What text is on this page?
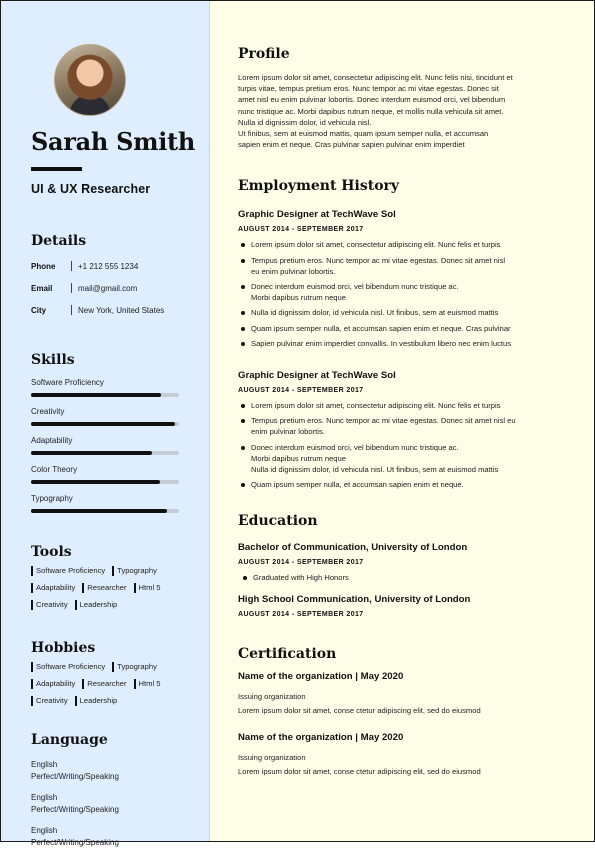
Sarah Smith
UI & UX Researcher
Details
Phone	+1 212 555 1234
Email	mail@gmail.com
City	New York, United States
Skills
Software Proficiency
Creativity
Adaptability
Color Theory
Typography
Tools
Software Proficiency	Typography
Adaptability	Researcher	Html 5
Creativity	Leadership
Hobbies
Software Proficiency	Typography
Adaptability	Researcher	Html 5
Creativity	Leadership
Language
English
Perfect/Writing/Speaking
English
Perfect/Writing/Speaking
English
Perfect/Writing/Speaking
Profile

Lorem ipsum dolor sit amet, consectetur adipiscing elit. Nunc felis nisi, tincidunt et

turpis vitae, tempus pretium eros. Nunc tempor ac mi vitae egestas. Donec sit

amet nisl eu enim pulvinar lobortis. Donec interdum euismod orci, vel bibendum

nunc tristique ac. Morbi dapibus rutrum neque, et mollis nulla vehicula sit amet.

Nulla id dignissim dolor, id vehicula nisl.

Ut finibus, sem at euismod mattis, quam ipsum semper nulla, et accumsan

sapien enim et neque. Cras pulvinar sapien pulvinar enim imperdiet

Employment History
Graphic Designer at TechWave Sol
AUGUST 2014 - SEPTEMBER 2017
Lorem ipsum dolor sit amet, consectetur adipiscing elit. Nunc felis et turpis
Tempus pretium eros. Nunc tempor ac mi vitae egestas. Donec sit amet nisl
eu enim pulvinar lobortis.
Donec interdum euismod orci, vel bibendum nunc tristique ac.
Morbi dapibus rutrum neque
Nulla id dignissim dolor, id vehicula nisl. Ut finibus, sem at euismod mattis
Quam ipsum semper nulla, et accumsan sapien enim et neque. Cras pulvinar
Sapien pulvinar enim imperdiet convallis. In vestibulum libero nec enim luctus
Graphic Designer at TechWave Sol
AUGUST 2014 - SEPTEMBER 2017
Lorem ipsum dolor sit amet, consectetur adipiscing elit. Nunc felis et turpis
Tempus pretium eros. Nunc tempor ac mi vitae egestas. Donec sit amet nisl eu
enim pulvinar lobortis.
Donec interdum euismod orci, vel bibendum nunc tristique ac.
Morbi dapibus rutrum neque
Nulla id dignissim dolor, id vehicula nisl. Ut finibus, sem at euismod mattis
Quam ipsum semper nulla, et accumsan sapien enim et neque.
Education
Bachelor of Communication, University of London
AUGUST 2014 - SEPTEMBER 2017
Graduated with High Honors
High School Communication, University of London
AUGUST 2014 - SEPTEMBER 2017
Certification
Name of the organization | May 2020
Issuing organization
Lorem ipsum dolor sit amet, conse ctetur adipiscing elit, sed do eiusmod
Name of the organization | May 2020
Issuing organization
Lorem ipsum dolor sit amet, conse ctetur adipiscing elit, sed do eiusmod
